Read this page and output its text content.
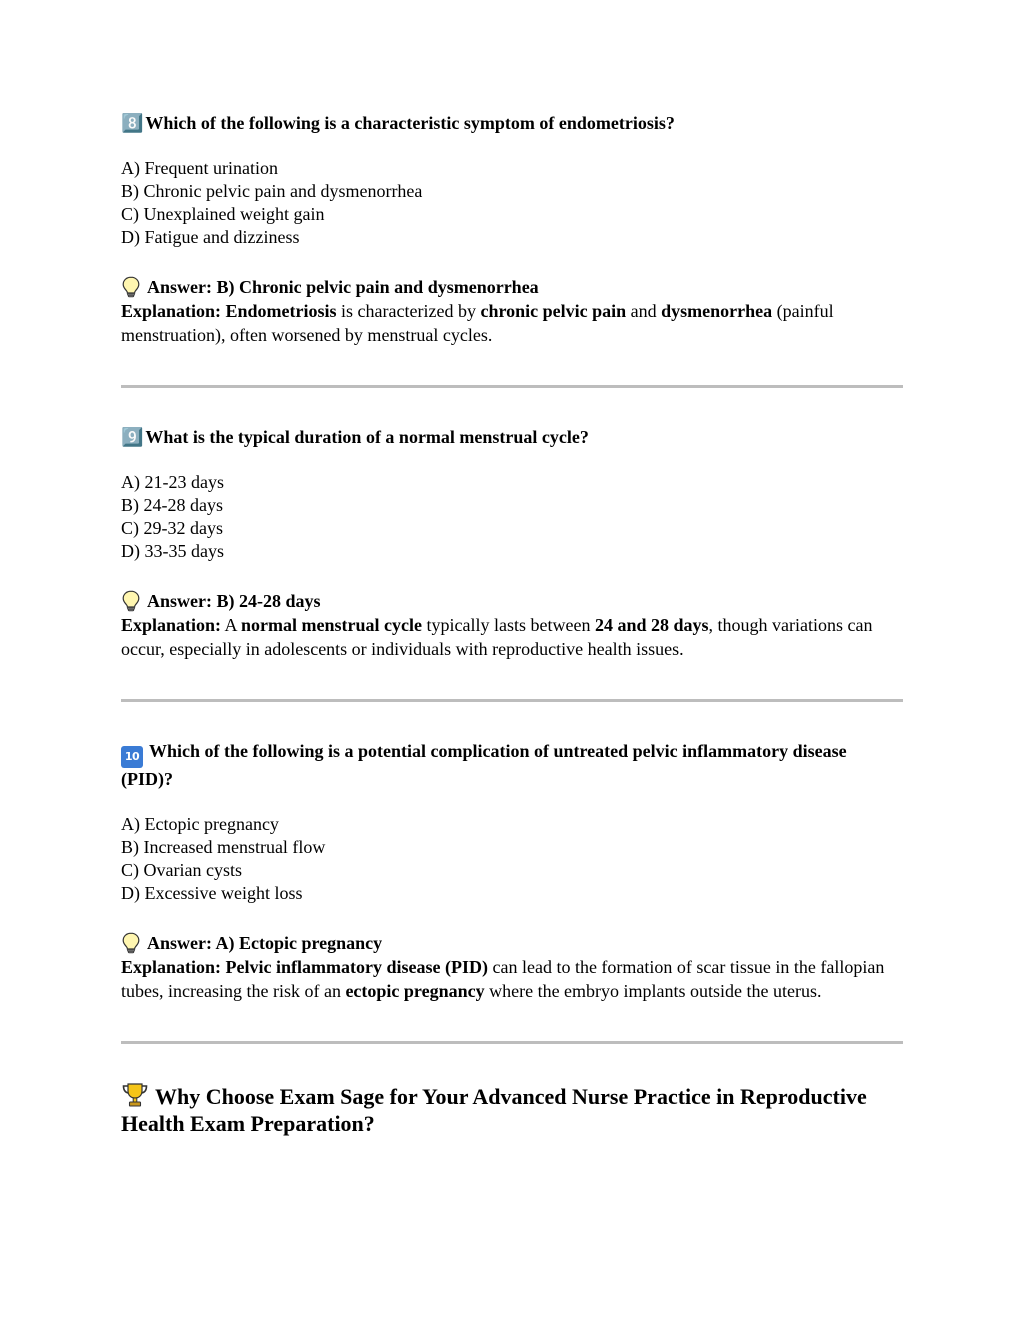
8️⃣ Which of the following is a characteristic symptom of endometriosis?

A) Frequent urination
B) Chronic pelvic pain and dysmenorrhea
C) Unexplained weight gain
D) Fatigue and dizziness
Answer: B) Chronic pelvic pain and dysmenorrhea
Explanation: Endometriosis is characterized by chronic pelvic pain and dysmenorrhea (painful menstruation), often worsened by menstrual cycles.

9️⃣ What is the typical duration of a normal menstrual cycle?

A) 21-23 days
B) 24-28 days
C) 29-32 days
D) 33-35 days
Answer: B) 24-28 days
Explanation: A normal menstrual cycle typically lasts between 24 and 28 days, though variations can occur, especially in adolescents or individuals with reproductive health issues.

10 Which of the following is a potential complication of untreated pelvic inflammatory disease (PID)?

A) Ectopic pregnancy
B) Increased menstrual flow
C) Ovarian cysts
D) Excessive weight loss
Answer: A) Ectopic pregnancy
Explanation: Pelvic inflammatory disease (PID) can lead to the formation of scar tissue in the fallopian tubes, increasing the risk of an ectopic pregnancy where the embryo implants outside the uterus.
Why Choose Exam Sage for Your Advanced Nurse Practice in Reproductive Health Exam Preparation?
